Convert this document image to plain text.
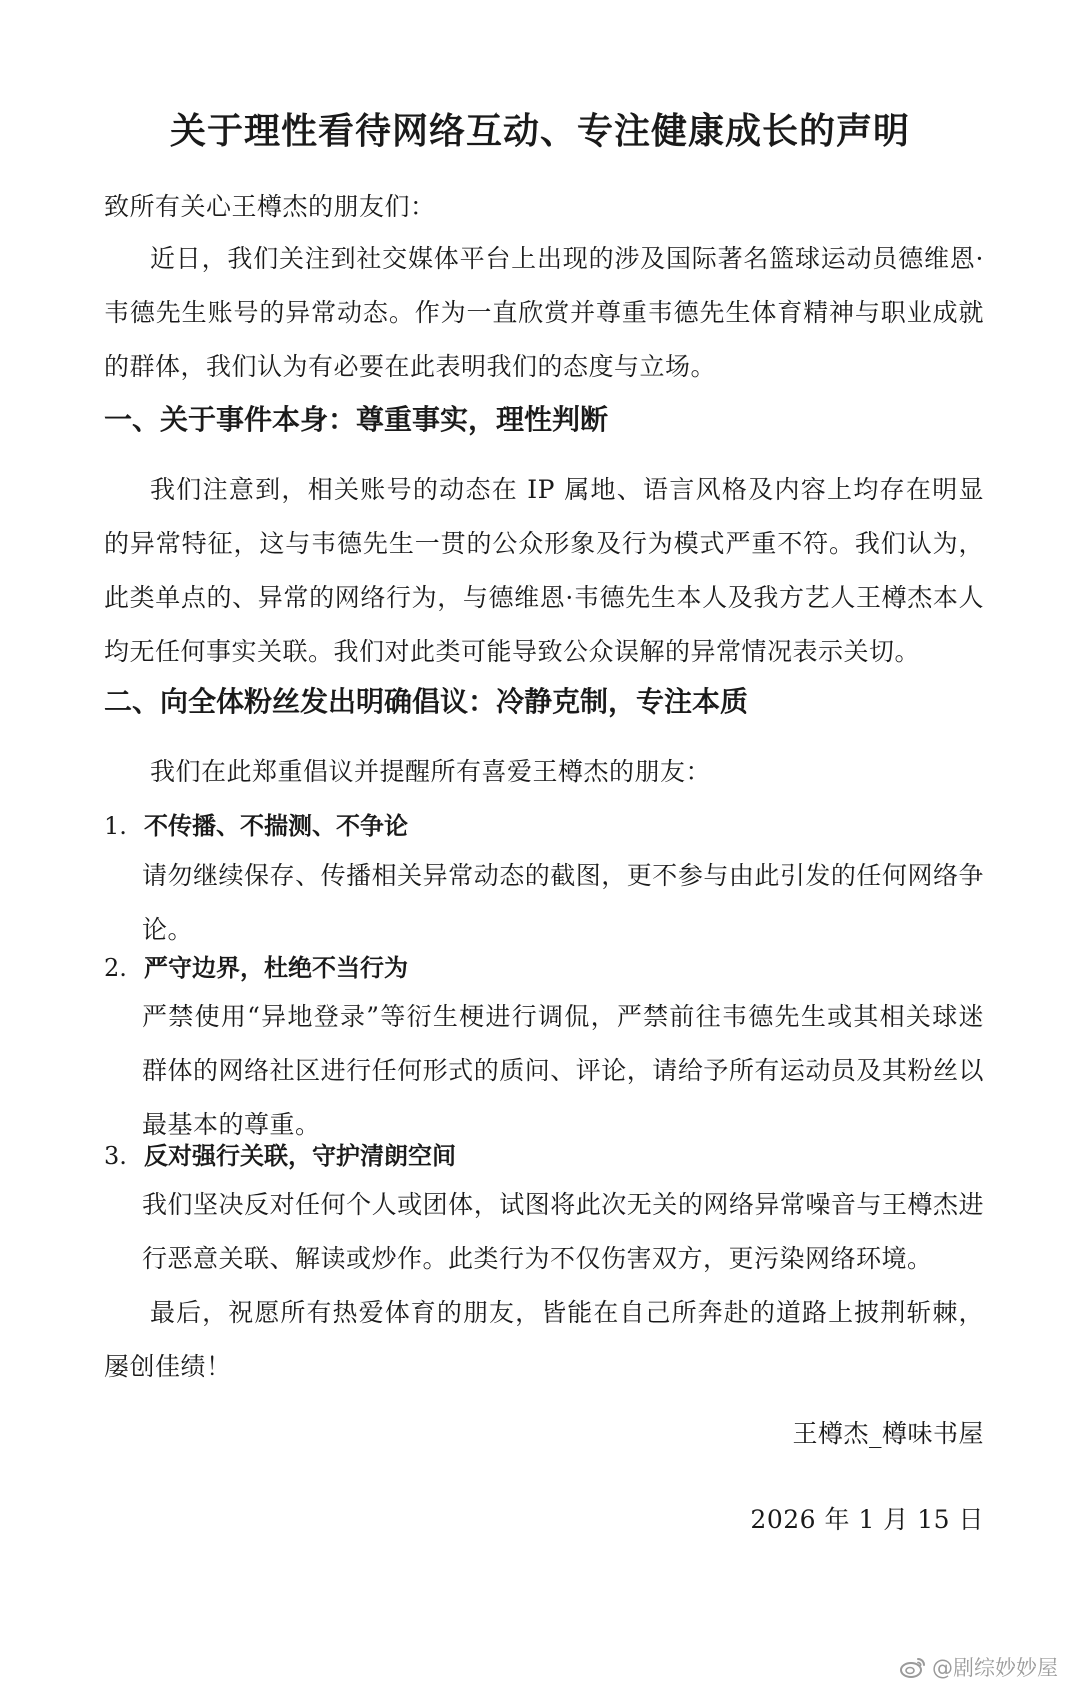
关于理性看待网络互动、专注健康成长的声明
致所有关心王樽杰的朋友们：
近日，我们关注到社交媒体平台上出现的涉及国际著名篮球运动员德维恩·韦德先生账号的异常动态。作为一直欣赏并尊重韦德先生体育精神与职业成就的群体，我们认为有必要在此表明我们的态度与立场。
一、关于事件本身：尊重事实，理性判断
我们注意到，相关账号的动态在 IP 属地、语言风格及内容上均存在明显的异常特征，这与韦德先生一贯的公众形象及行为模式严重不符。我们认为，此类单点的、异常的网络行为，与德维恩·韦德先生本人及我方艺人王樽杰本人均无任何事实关联。我们对此类可能导致公众误解的异常情况表示关切。
二、向全体粉丝发出明确倡议：冷静克制，专注本质
我们在此郑重倡议并提醒所有喜爱王樽杰的朋友：
1. 不传播、不揣测、不争论
请勿继续保存、传播相关异常动态的截图，更不参与由此引发的任何网络争论。
2. 严守边界，杜绝不当行为
严禁使用“异地登录”等衍生梗进行调侃，严禁前往韦德先生或其相关球迷群体的网络社区进行任何形式的质问、评论，请给予所有运动员及其粉丝以最基本的尊重。
3. 反对强行关联，守护清朗空间
我们坚决反对任何个人或团体，试图将此次无关的网络异常噪音与王樽杰进行恶意关联、解读或炒作。此类行为不仅伤害双方，更污染网络环境。
最后，祝愿所有热爱体育的朋友，皆能在自己所奔赴的道路上披荆斩棘，屡创佳绩！
王樽杰_樽味书屋
2026 年 1 月 15 日
@剧综妙妙屋
